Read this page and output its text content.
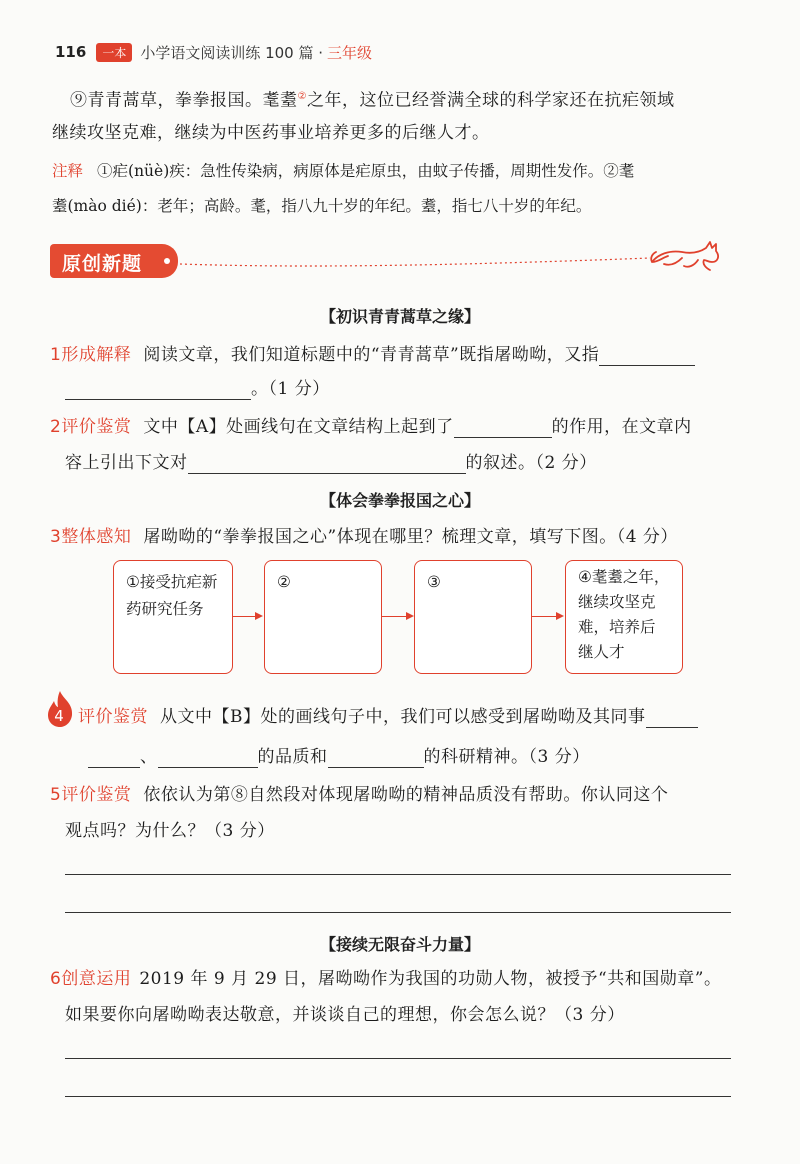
116	一本 小学语文阅读训练 100 篇 · 三年级
⑨青青蒿草，拳拳报国。耄耋②之年，这位已经誉满全球的科学家还在抗疟领域
继续攻坚克难，继续为中医药事业培养更多的后继人才。
注释 ①疟(nüè)疾：急性传染病，病原体是疟原虫，由蚊子传播，周期性发作。②耄
耋(mào dié)：老年；高龄。耄，指八九十岁的年纪。耋，指七八十岁的年纪。
原创新题
【初识青青蒿草之缘】
1形成解释 阅读文章，我们知道标题中的“青青蒿草”既指屠呦呦，又指
。（1 分）
2评价鉴赏 文中【A】处画线句在文章结构上起到了	的作用，在文章内
容上引出下文对	的叙述。（2 分）
【体会拳拳报国之心】
3整体感知 屠呦呦的“拳拳报国之心”体现在哪里？梳理文章，填写下图。（4 分）
①接受抗疟新
药研究任务
②	③	④耄耋之年，
继续攻坚克
难，培养后
继人才
4 评价鉴赏 从文中【B】处的画线句子中，我们可以感受到屠呦呦及其同事
、	的品质和	的科研精神。（3 分）
5评价鉴赏 依依认为第⑧自然段对体现屠呦呦的精神品质没有帮助。你认同这个
观点吗？为什么？（3 分）
【接续无限奋斗力量】
6创意运用 2019 年 9 月 29 日，屠呦呦作为我国的功勋人物，被授予“共和国勋章”。
如果要你向屠呦呦表达敬意，并谈谈自己的理想，你会怎么说？（3 分）
